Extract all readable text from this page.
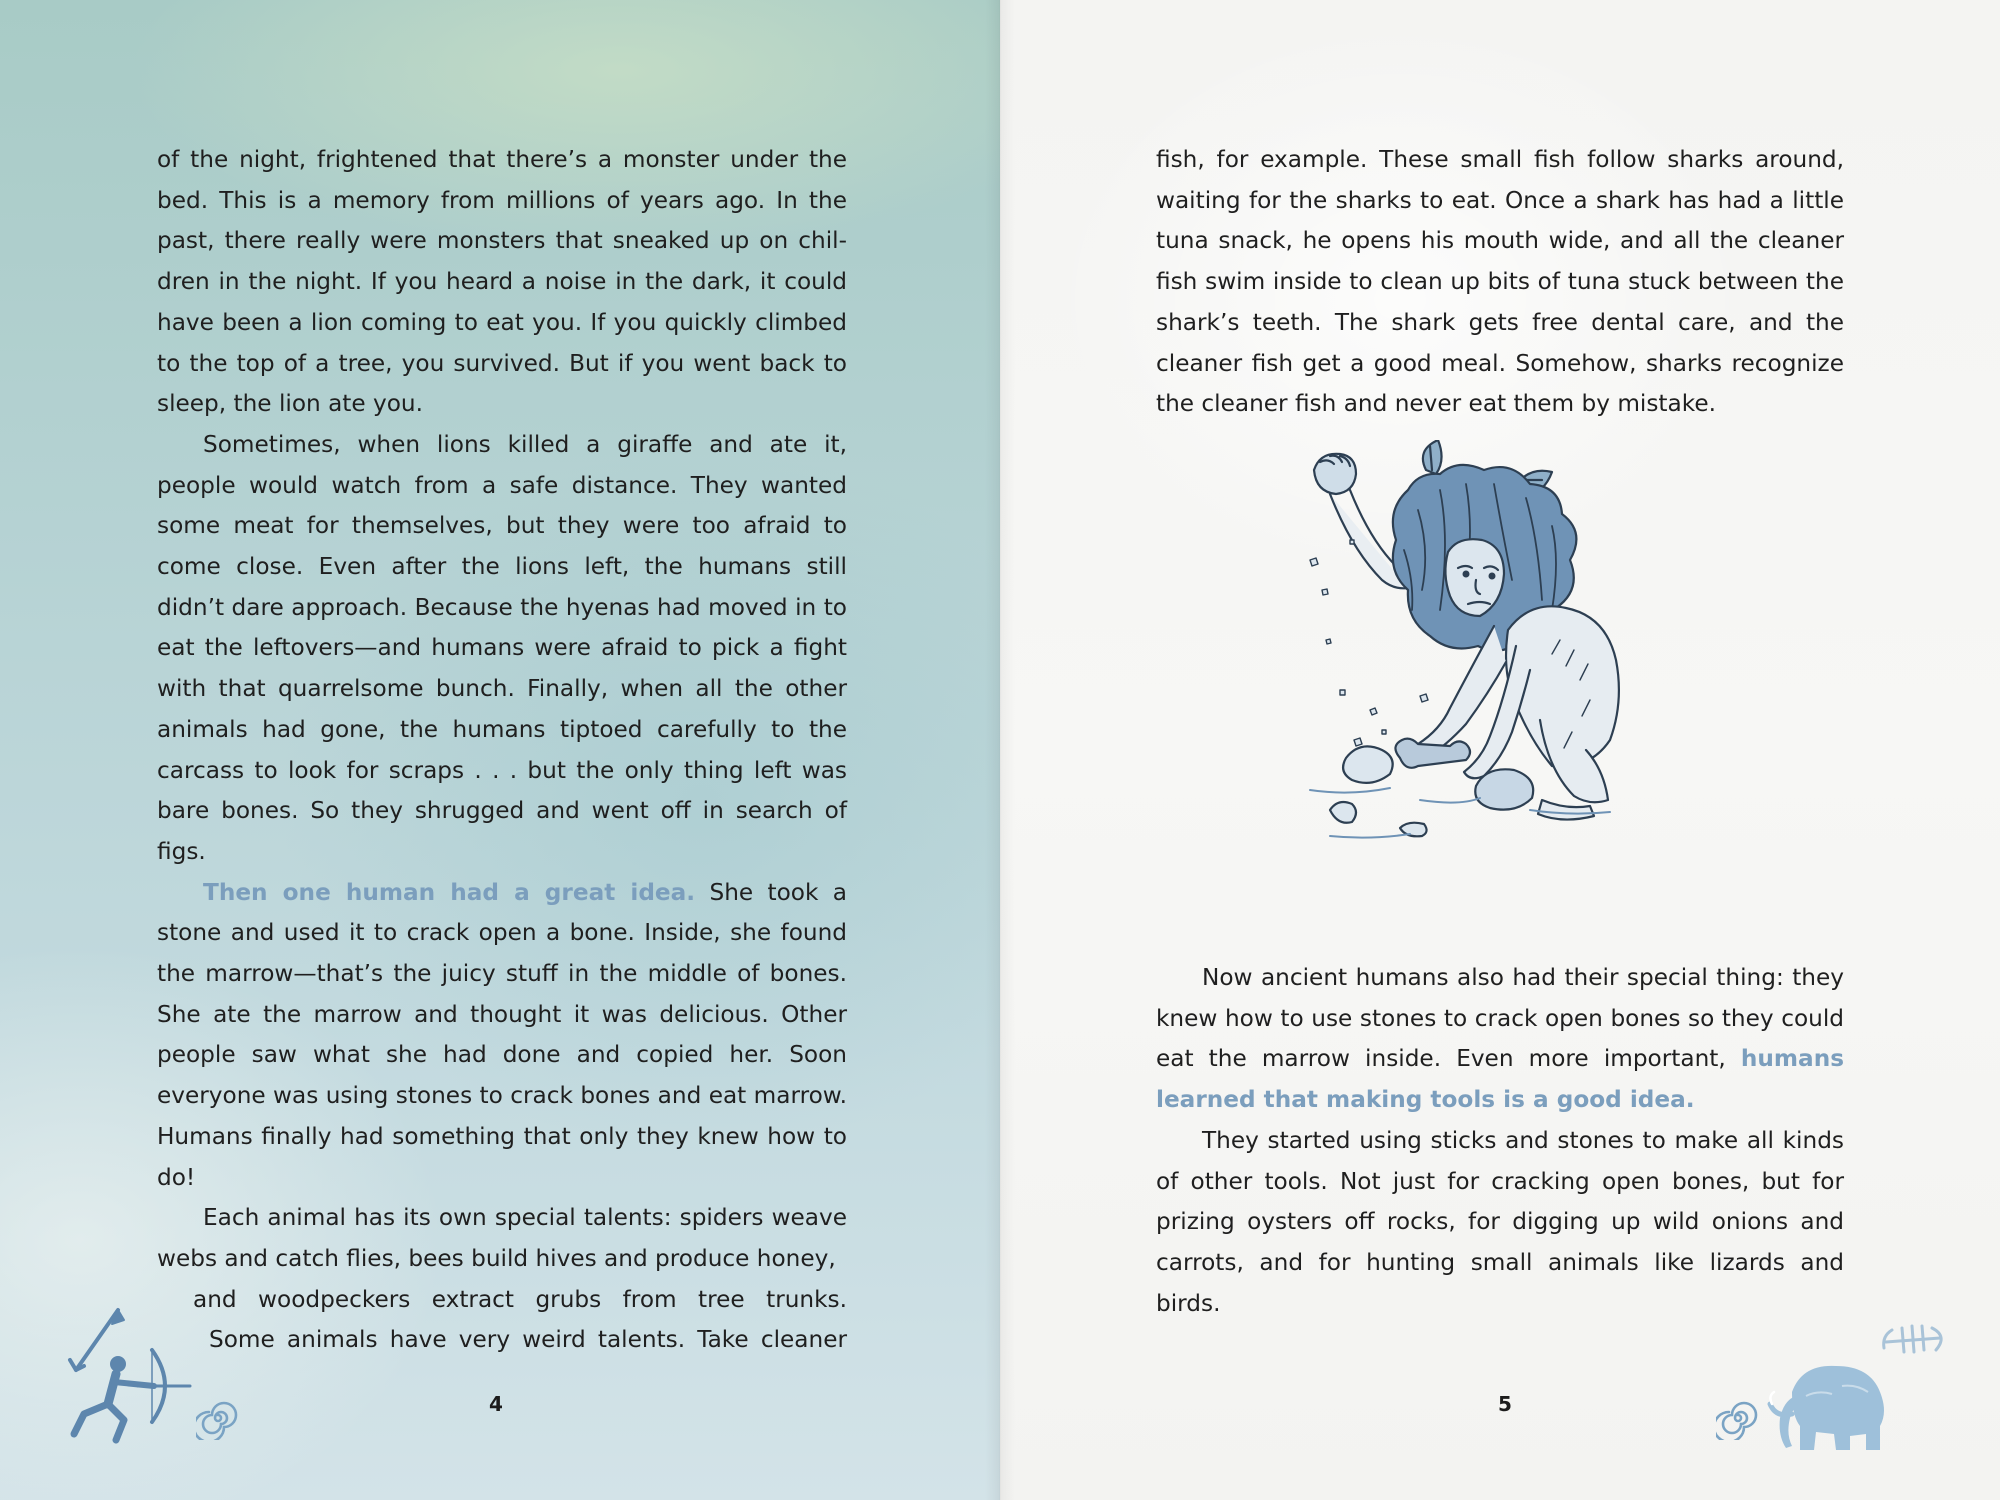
of the night, frightened that there’s a monster under the bed. This is a memory from millions of years ago. In the past, there really were monsters that sneaked up on chil-dren in the night. If you heard a noise in the dark, it could have been a lion coming to eat you. If you quickly climbed to the top of a tree, you survived. But if you went back to sleep, the lion ate you.

Sometimes, when lions killed a giraffe and ate it, people would watch from a safe distance. They wanted some meat for themselves, but they were too afraid to come close. Even after the lions left, the humans still didn’t dare approach. Because the hyenas had moved in to eat the leftovers—and humans were afraid to pick a fight with that quarrelsome bunch. Finally, when all the other animals had gone, the humans tiptoed carefully to the carcass to look for scraps . . . but the only thing left was bare bones. So they shrugged and went off in search of figs.

Then one human had a great idea. She took a stone and used it to crack open a bone. Inside, she found the marrow—that’s the juicy stuff in the middle of bones. She ate the marrow and thought it was delicious. Other people saw what she had done and copied her. Soon everyone was using stones to crack bones and eat marrow. Humans finally had something that only they knew how to do!

Each animal has its own special talents: spiders weave webs and catch flies, bees build hives and produce honey,

and woodpeckers extract grubs from tree trunks.

Some animals have very weird talents. Take cleaner

4

fish, for example. These small fish follow sharks around, waiting for the sharks to eat. Once a shark has had a little tuna snack, he opens his mouth wide, and all the cleaner fish swim inside to clean up bits of tuna stuck between the shark’s teeth. The shark gets free dental care, and the cleaner fish get a good meal. Somehow, sharks recognize the cleaner fish and never eat them by mistake.

Now ancient humans also had their special thing: they knew how to use stones to crack open bones so they could eat the marrow inside. Even more important, humans learned that making tools is a good idea.

They started using sticks and stones to make all kinds of other tools. Not just for cracking open bones, but for prizing oysters off rocks, for digging up wild onions and carrots, and for hunting small animals like lizards and birds.

5
